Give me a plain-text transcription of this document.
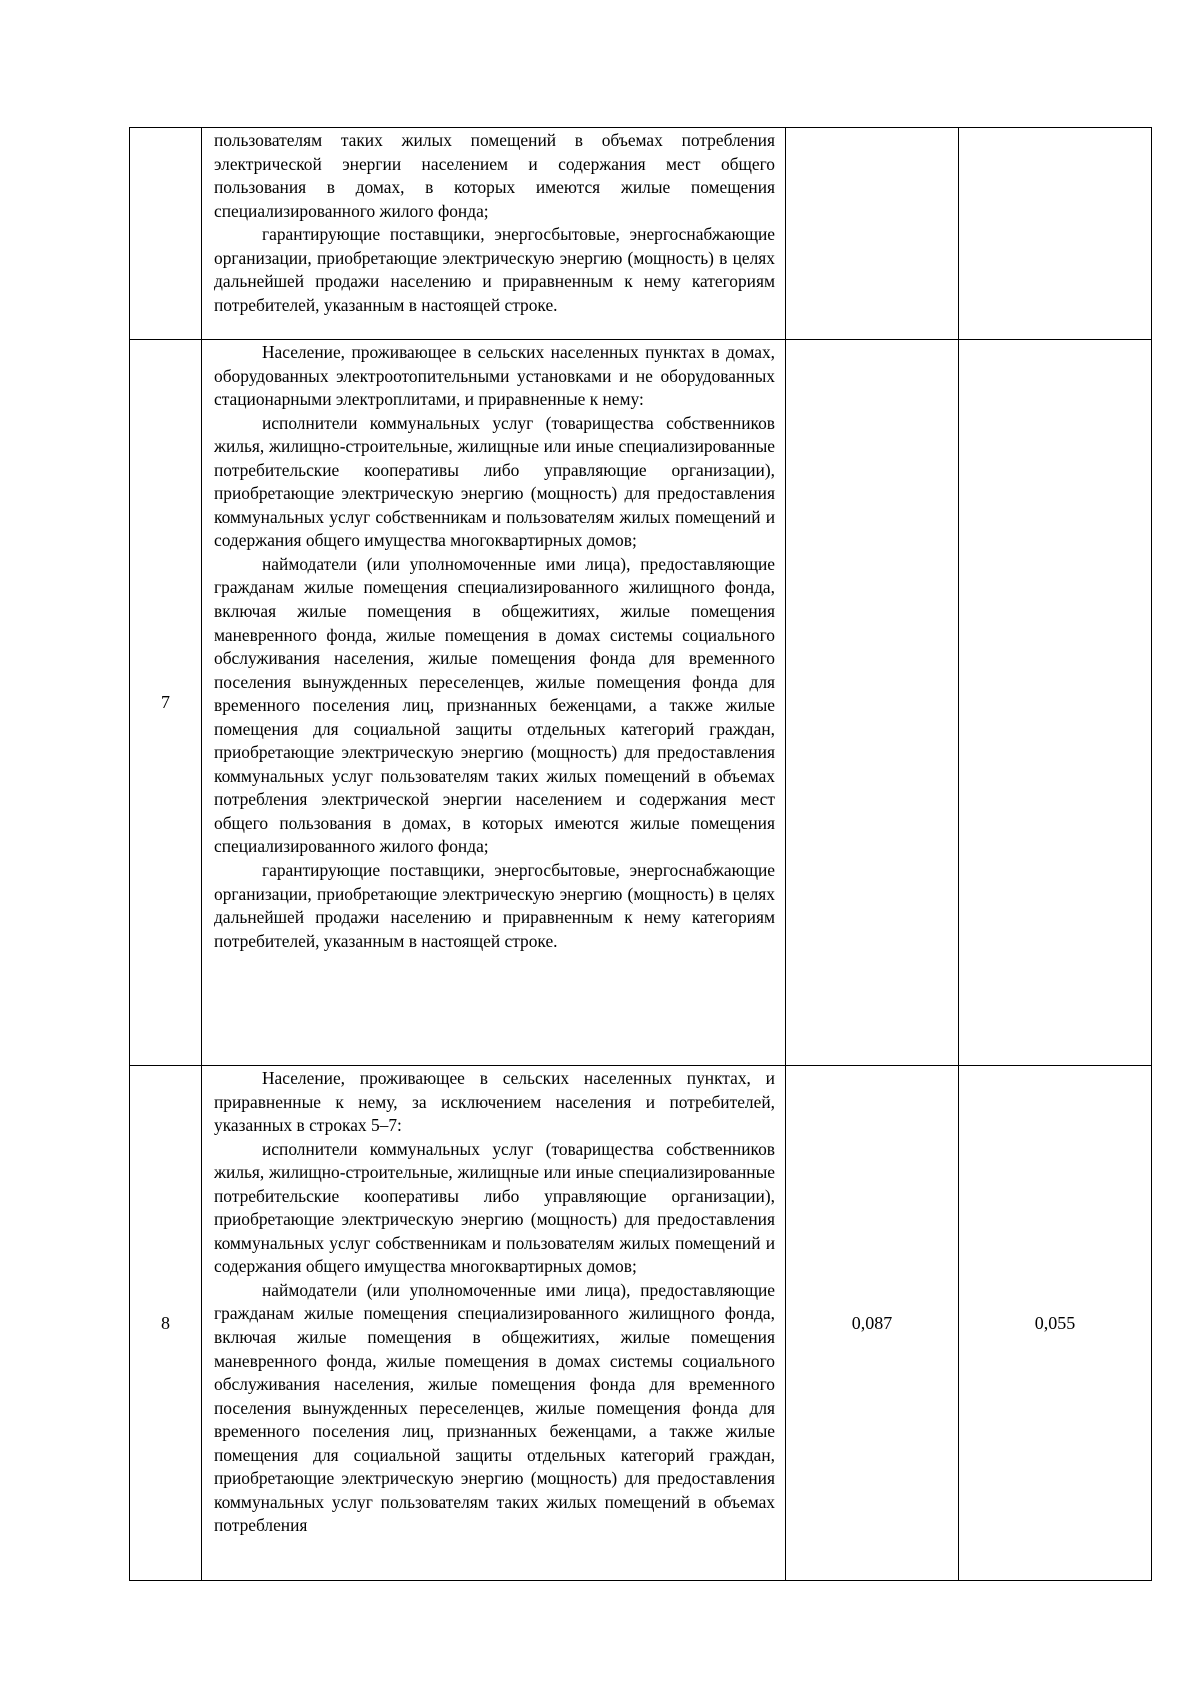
	пользователям таких жилых помещений в объемах потребления электрической энергии населением и содержания мест общего пользования в домах, в которых имеются жилые помещения специализированного жилого фонда;

гарантирующие поставщики, энергосбытовые, энергоснабжающие организации, приобретающие электрическую энергию (мощность) в целях дальнейшей продажи населению и приравненным к нему категориям потребителей, указанным в настоящей строке.		

7	Население, проживающее в сельских населенных пунктах в домах, оборудованных электроотопительными установками и не оборудованных стационарными электроплитами, и приравненные к нему:

исполнители коммунальных услуг (товарищества собственников жилья, жилищно-строительные, жилищные или иные специализированные потребительские кооперативы либо управляющие организации), приобретающие электрическую энергию (мощность) для предоставления коммунальных услуг собственникам и пользователям жилых помещений и содержания общего имущества многоквартирных домов;

наймодатели (или уполномоченные ими лица), предоставляющие гражданам жилые помещения специализированного жилищного фонда, включая жилые помещения в общежитиях, жилые помещения маневренного фонда, жилые помещения в домах системы социального обслуживания населения, жилые помещения фонда для временного поселения вынужденных переселенцев, жилые помещения фонда для временного поселения лиц, признанных беженцами, а также жилые помещения для социальной защиты отдельных категорий граждан, приобретающие электрическую энергию (мощность) для предоставления коммунальных услуг пользователям таких жилых помещений в объемах потребления электрической энергии населением и содержания мест общего пользования в домах, в которых имеются жилые помещения специализированного жилого фонда;

гарантирующие поставщики, энергосбытовые, энергоснабжающие организации, приобретающие электрическую энергию (мощность) в целях дальнейшей продажи населению и приравненным к нему категориям потребителей, указанным в настоящей строке.		

8	Население, проживающее в сельских населенных пунктах, и приравненные к нему, за исключением населения и потребителей, указанных в строках 5–7:

исполнители коммунальных услуг (товарищества собственников жилья, жилищно-строительные, жилищные или иные специализированные потребительские кооперативы либо управляющие организации), приобретающие электрическую энергию (мощность) для предоставления коммунальных услуг собственникам и пользователям жилых помещений и содержания общего имущества многоквартирных домов;

наймодатели (или уполномоченные ими лица), предоставляющие гражданам жилые помещения специализированного жилищного фонда, включая жилые помещения в общежитиях, жилые помещения маневренного фонда, жилые помещения в домах системы социального обслуживания населения, жилые помещения фонда для временного поселения вынужденных переселенцев, жилые помещения фонда для временного поселения лиц, признанных беженцами, а также жилые помещения для социальной защиты отдельных категорий граждан, приобретающие электрическую энергию (мощность) для предоставления коммунальных услуг пользователям таких жилых помещений в объемах потребления	0,087	0,055
